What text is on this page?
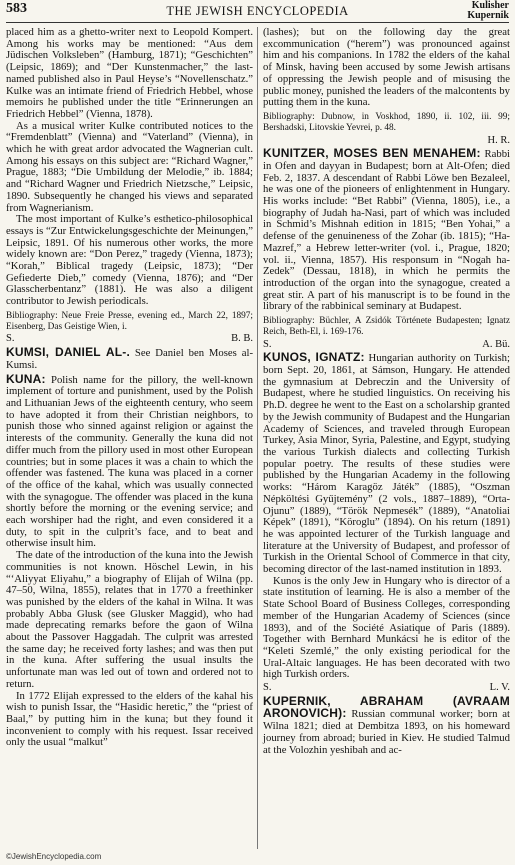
583	THE JEWISH ENCYCLOPEDIA	Kulisher
Kupernik

placed him as a ghetto-writer next to Leopold Kompert. Among his works may be mentioned: “Aus dem Jüdischen Volksleben” (Hamburg, 1871); “Geschichten” (Leipsic, 1869); and “Der Kunstenmacher,” the last-named published also in Paul Heyse’s “Novellenschatz.” Kulke was an intimate friend of Friedrich Hebbel, whose memoirs he published under the title “Erinnerungen an Friedrich Hebbel” (Vienna, 1878).

As a musical writer Kulke contributed notices to the “Fremdenblatt” (Vienna) and “Vaterland” (Vienna), in which he with great ardor advocated the Wagnerian cult. Among his essays on this subject are: “Richard Wagner,” Prague, 1883; “Die Umbildung der Melodie,” ib. 1884; and “Richard Wagner und Friedrich Nietzsche,” Leipsic, 1890. Subsequently he changed his views and separated from Wagnerianism.

The most important of Kulke’s esthetico-philosophical essays is “Zur Entwickelungsgeschichte der Meinungen,” Leipsic, 1891. Of his numerous other works, the more widely known are: “Don Perez,” tragedy (Vienna, 1873); “Korah,” Biblical tragedy (Leipsic, 1873); “Der Gefiederte Dieb,” comedy (Vienna, 1876); and “Der Glasscherbentanz” (1881). He was also a diligent contributor to Jewish periodicals.

Bibliography: Neue Freie Presse, evening ed., March 22, 1897; Eisenberg, Das Geistige Wien, i.

S.	B. B.

KUMSI, DANIEL AL-. See Daniel ben Moses al-Kumsi.

KUNA: Polish name for the pillory, the well-known implement of torture and punishment, used by the Polish and Lithuanian Jews of the eighteenth century, who seem to have adopted it from their Christian neighbors, to punish those who sinned against religion or against the interests of the community. Generally the kuna did not differ much from the pillory used in most other European countries; but in some places it was a chain to which the offender was fastened. The kuna was placed in a corner of the office of the kahal, which was usually connected with the synagogue. The offender was placed in the kuna shortly before the morning or the evening service; and each worshiper had the right, and even considered it a duty, to spit in the culprit’s face, and to beat and otherwise insult him.

The date of the introduction of the kuna into the Jewish communities is not known. Höschel Lewin, in his “‘Aliyyat Eliyahu,” a biography of Elijah of Wilna (pp. 47–50, Wilna, 1855), relates that in 1770 a freethinker was punished by the elders of the kahal in Wilna. It was probably Abba Glusk (see Glusker Maggid), who had made deprecating remarks before the gaon of Wilna about the Passover Haggadah. The culprit was arrested the same day; he received forty lashes; and was then put in the kuna. After suffering the usual insults the unfortunate man was led out of town and ordered not to return.

In 1772 Elijah expressed to the elders of the kahal his wish to punish Issar, the “Hasidic heretic,” the “priest of Baal,” by putting him in the kuna; but they found it inconvenient to comply with his request. Issar received only the usual “malkut”

(lashes); but on the following day the great excommunication (“herem”) was pronounced against him and his companions. In 1782 the elders of the kahal of Minsk, having been accused by some Jewish artisans of oppressing the Jewish people and of misusing the public money, punished the leaders of the malcontents by putting them in the kuna.

Bibliography: Dubnow, in Voskhod, 1890, ii. 102, iii. 99; Bershadski, Litovskie Yevrei, p. 48.

H. R.

KUNITZER, MOSES BEN MENAHEM: Rabbi in Ofen and dayyan in Budapest; born at Alt-Ofen; died Feb. 2, 1837. A descendant of Rabbi Löwe ben Bezaleel, he was one of the pioneers of enlightenment in Hungary. His works include: “Bet Rabbi” (Vienna, 1805), i.e., a biography of Judah ha-Nasi, part of which was included in Schmid’s Mishnah edition in 1815; “Ben Yohai,” a defense of the genuineness of the Zohar (ib. 1815); “Ha-Mazref,” a Hebrew letter-writer (vol. i., Prague, 1820; vol. ii., Vienna, 1857). His responsum in “Nogah ha-Zedek” (Dessau, 1818), in which he permits the introduction of the organ into the synagogue, created a great stir. A part of his manuscript is to be found in the library of the rabbinical seminary at Budapest.

Bibliography: Büchler, A Zsidók Története Budapesten; Ignatz Reich, Beth-El, i. 169-176.

S.	A. Bü.

KUNOS, IGNATZ: Hungarian authority on Turkish; born Sept. 20, 1861, at Sámson, Hungary. He attended the gymnasium at Debreczin and the University of Budapest, where he studied linguistics. On receiving his Ph.D. degree he went to the East on a scholarship granted by the Jewish community of Budapest and the Hungarian Academy of Sciences, and traveled through European Turkey, Asia Minor, Syria, Palestine, and Egypt, studying the various Turkish dialects and collecting Turkish popular poetry. The results of these studies were published by the Hungarian Academy in the following works: “Három Karagöz Játék” (1885), “Oszman Népköltési Gyűjtemény” (2 vols., 1887–1889), “Orta-Ojunu” (1889), “Török Nepmesék” (1889), “Anatoliai Képek” (1891), “Köroglu” (1894). On his return (1891) he was appointed lecturer of the Turkish language and literature at the University of Budapest, and professor of Turkish in the Oriental School of Commerce in that city, becoming director of the last-named institution in 1893.

Kunos is the only Jew in Hungary who is director of a state institution of learning. He is also a member of the State School Board of Business Colleges, corresponding member of the Hungarian Academy of Sciences (since 1893), and of the Société Asiatique of Paris (1889). Together with Bernhard Munkácsi he is editor of the “Keleti Szemlé,” the only existing periodical for the Ural-Altaic languages. He has been decorated with two high Turkish orders.

S.	L. V.

KUPERNIK, ABRAHAM (AVRAAM ARONOVICH): Russian communal worker; born at Wilna 1821; died at Dembitza 1893, on his homeward journey from abroad; buried in Kiev. He studied Talmud at the Volozhin yeshibah and ac-

©JewishEncyclopedia.com
